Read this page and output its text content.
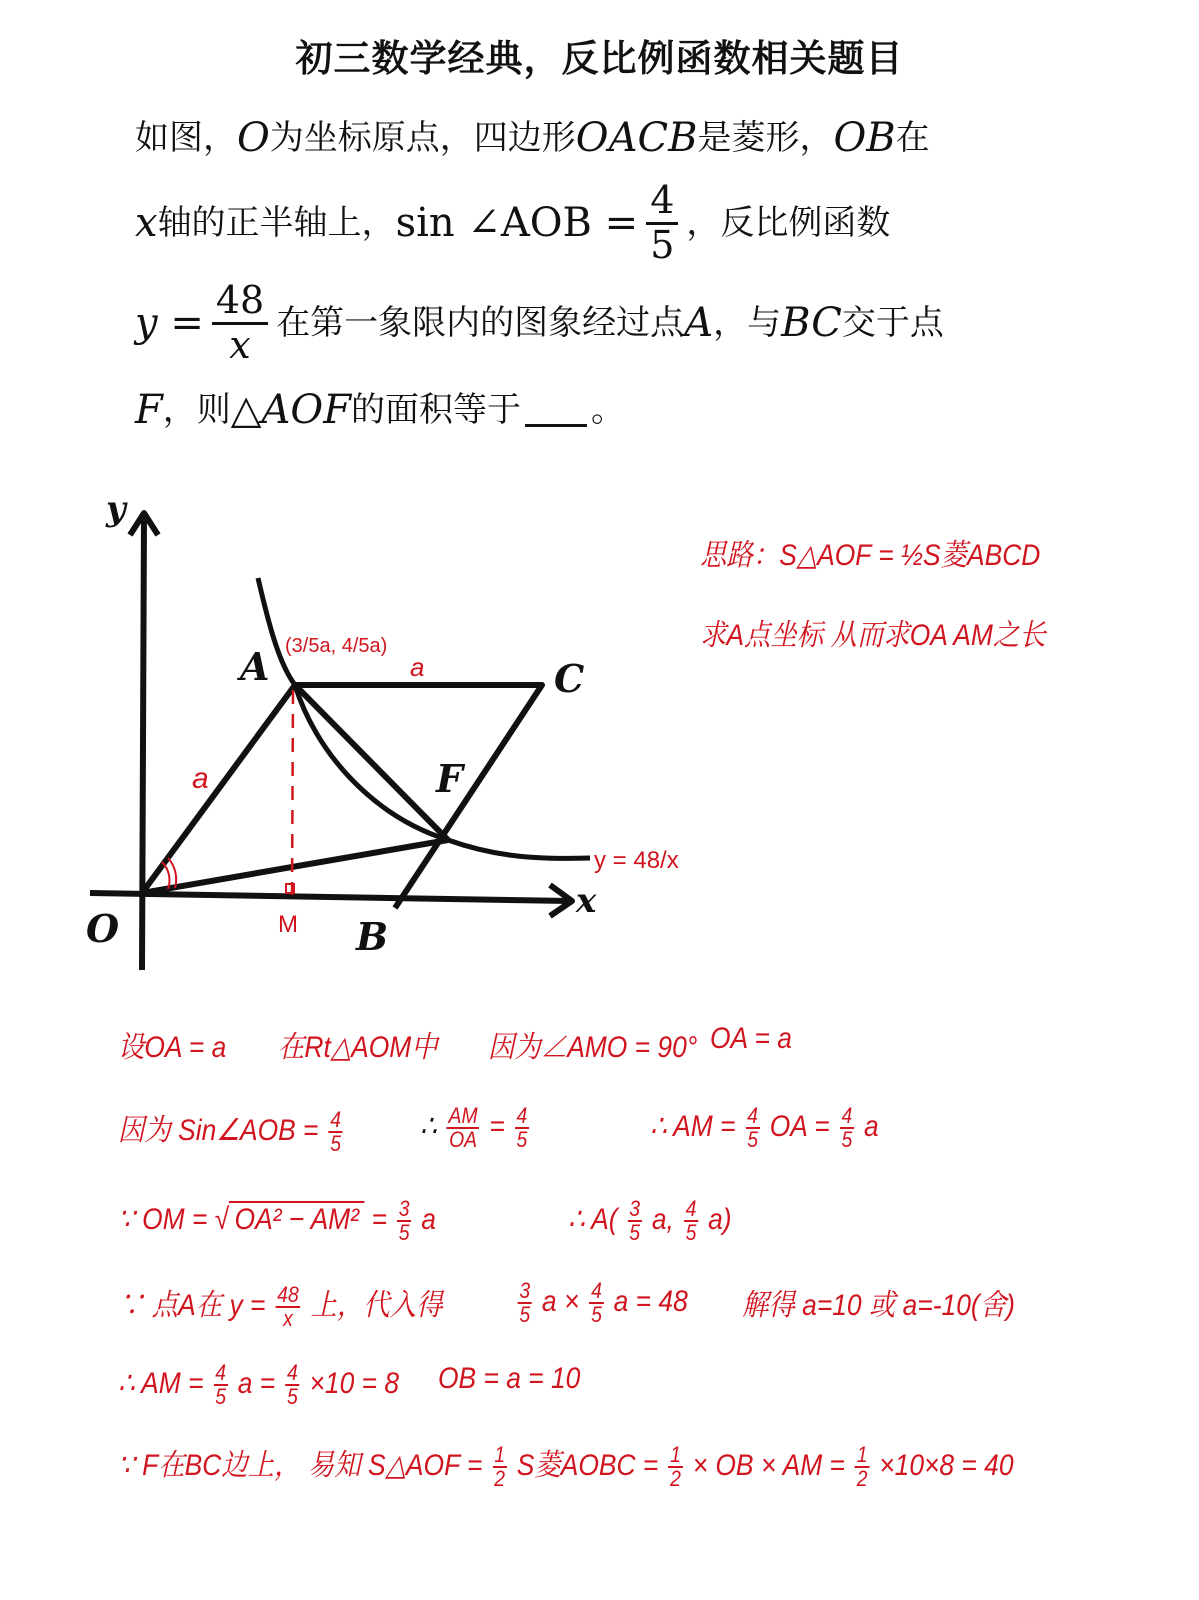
初三数学经典，反比例函数相关题目
如图， O 为坐标原点，四边形 OACB 是菱形， OB 在
x 轴的正半轴上， sin ∠AOB = $\frac{4}{5}$ ，反比例函数
$y = \frac{48}{x}$ 在第一象限内的图象经过点 A ，与 BC 交于点
F ，则 △AOF 的面积等于 。
y
x
O
A	C
F
B
M
a
a
(3/5a, 4/5a)
y = 48/x
思路：S△AOF = ½S菱ABCD
求A点坐标 从而求OA AM之长
设OA = a 在Rt△AOM中 因为∠AMO = 90° OA = a
因为 Sin∠AOB = $\frac{4}{5}$	∴ $\frac{AM}{OA} = \frac{4}{5}$	∴ AM = $\frac{4}{5}$ OA = $\frac{4}{5}$ a
∵ OM = √ $OA^2 - AM^2 = \frac{3}{5}$ a	∴ $A( \frac{3}{5} a$, $\frac{4}{5} a$)
∵ 点A在 $y = \frac{48}{x}$ 上，代入得	$\frac{3}{5}$ $a \times \frac{4}{5}$ a = 48 解得 a=10 或 a=-10(舍)
∴ AM = $\frac{4}{5}$ $a = \frac{4}{5} \times 10 = 8$ OB = a = 10
∵ F在BC边上， 易知 S△AOF = $\frac{1}{2}$ S菱AOBC = $\frac{1}{2}$ × OB × AM = $\frac{1}{2} \times 10\times 8 = 40$
